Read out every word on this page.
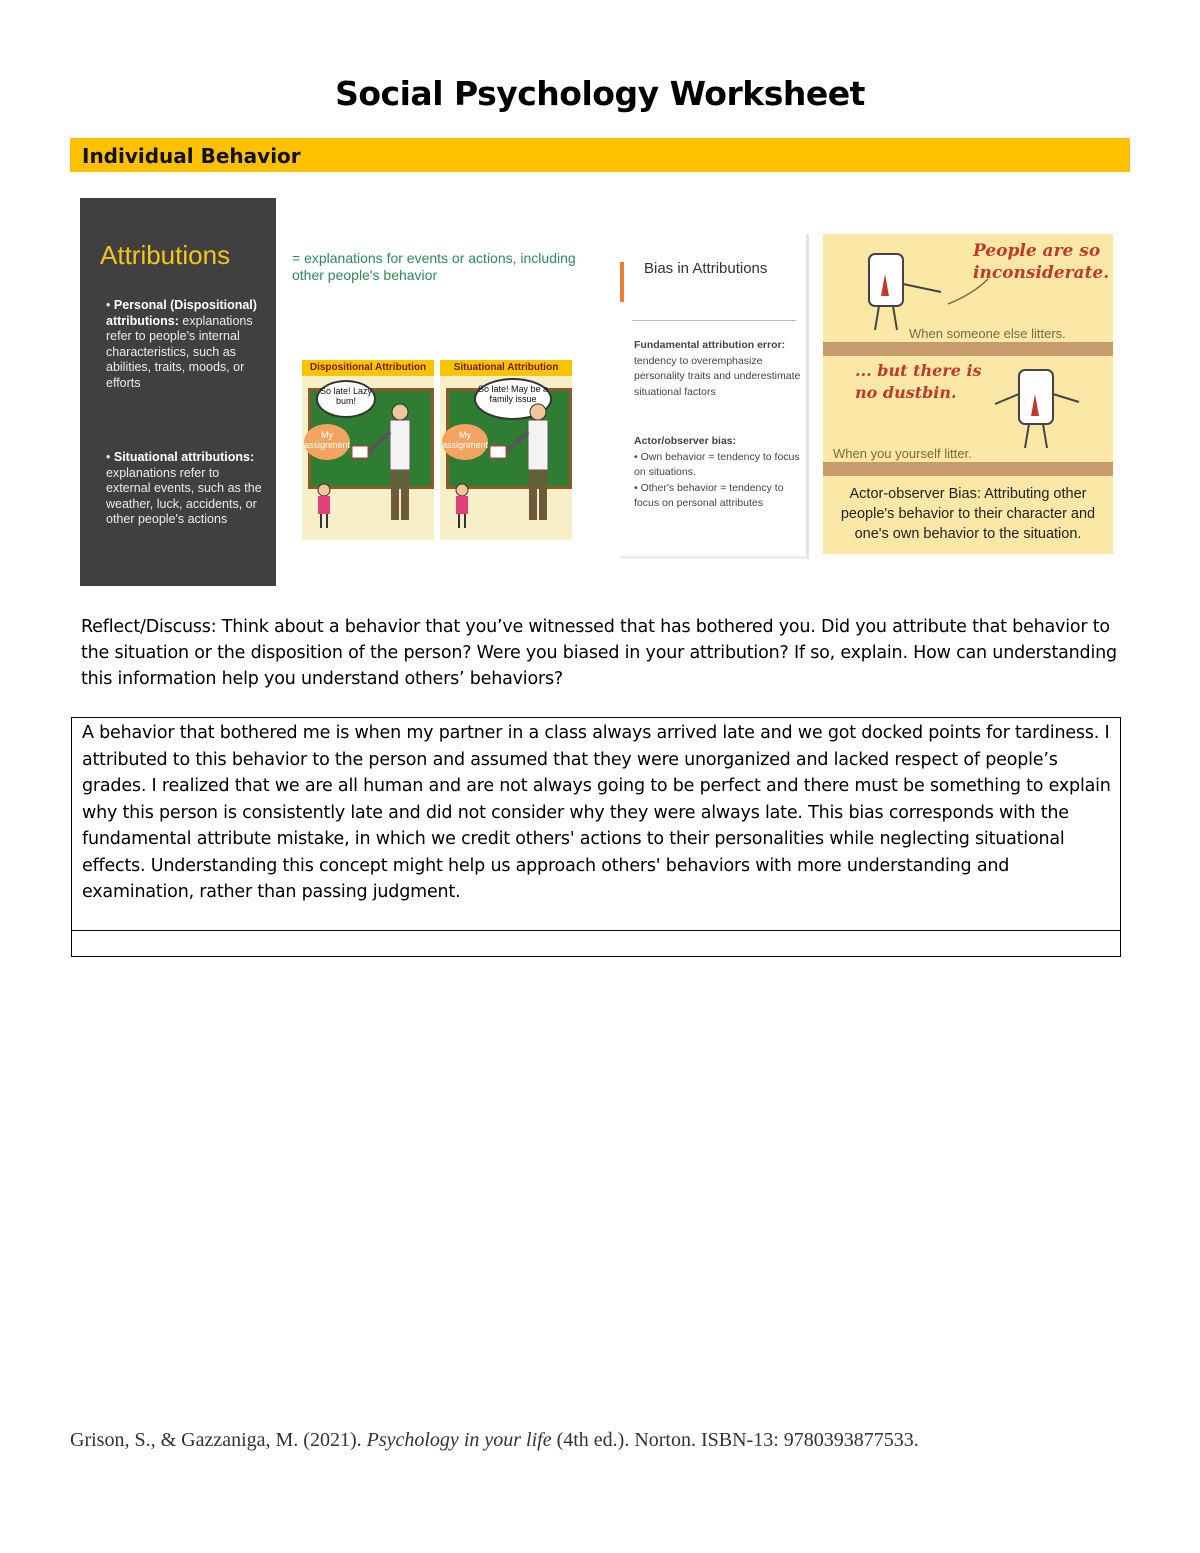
Social Psychology Worksheet
Individual Behavior
Attributions
• Personal (Dispositional) attributions: explanations refer to people's internal characteristics, such as abilities, traits, moods, or efforts
• Situational attributions: explanations refer to external events, such as the weather, luck, accidents, or other people's actions
= explanations for events or actions, including other people's behavior
Dispositional Attribution
So late! Lazy bum!
My assignment
Situational Attribution
So late! May be a family issue
My assignment
Bias in Attributions
Fundamental attribution error: tendency to overemphasize personality traits and underestimate situational factors
Actor/observer bias:
• Own behavior = tendency to focus on situations.
• Other's behavior = tendency to focus on personal attributes
People are so inconsiderate.
When someone else litters.
... but there is no dustbin.
When you yourself litter.
Actor-observer Bias: Attributing other people's behavior to their character and one's own behavior to the situation.
Reflect/Discuss: Think about a behavior that you’ve witnessed that has bothered you. Did you attribute that behavior to the situation or the disposition of the person? Were you biased in your attribution? If so, explain. How can understanding this information help you understand others’ behaviors?
A behavior that bothered me is when my partner in a class always arrived late and we got docked points for tardiness. I attributed to this behavior to the person and assumed that they were unorganized and lacked respect of people’s grades. I realized that we are all human and are not always going to be perfect and there must be something to explain why this person is consistently late and did not consider why they were always late. This bias corresponds with the fundamental attribute mistake, in which we credit others' actions to their personalities while neglecting situational effects. Understanding this concept might help us approach others' behaviors with more understanding and examination, rather than passing judgment.
Grison, S., & Gazzaniga, M. (2021). Psychology in your life (4th ed.). Norton. ISBN-13: 9780393877533.
